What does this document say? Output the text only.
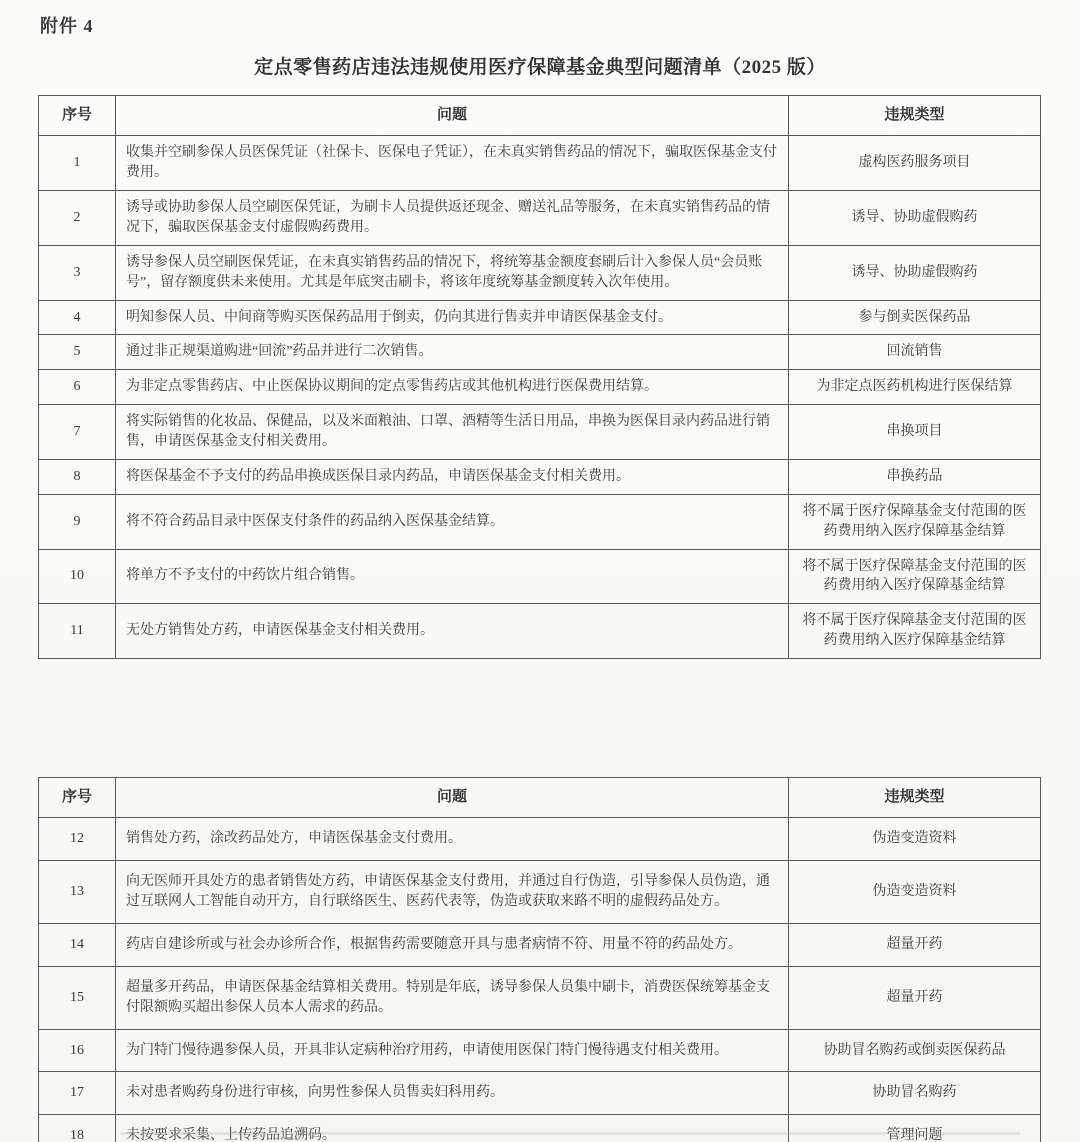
附件 4
定点零售药店违法违规使用医疗保障基金典型问题清单（2025 版）
序号	问题	违规类型
1	收集并空刷参保人员医保凭证（社保卡、医保电子凭证），在未真实销售药品的情况下，骗取医保基金支付费用。	虚构医药服务项目
2	诱导或协助参保人员空刷医保凭证，为刷卡人员提供返还现金、赠送礼品等服务，在未真实销售药品的情况下，骗取医保基金支付虚假购药费用。	诱导、协助虚假购药
3	诱导参保人员空刷医保凭证，在未真实销售药品的情况下，将统筹基金额度套刷后计入参保人员“会员账号”，留存额度供未来使用。尤其是年底突击刷卡，将该年度统筹基金额度转入次年使用。	诱导、协助虚假购药
4	明知参保人员、中间商等购买医保药品用于倒卖，仍向其进行售卖并申请医保基金支付。	参与倒卖医保药品
5	通过非正规渠道购进“回流”药品并进行二次销售。	回流销售
6	为非定点零售药店、中止医保协议期间的定点零售药店或其他机构进行医保费用结算。	为非定点医药机构进行医保结算
7	将实际销售的化妆品、保健品，以及米面粮油、口罩、酒精等生活日用品，串换为医保目录内药品进行销售，申请医保基金支付相关费用。	串换项目
8	将医保基金不予支付的药品串换成医保目录内药品，申请医保基金支付相关费用。	串换药品
9	将不符合药品目录中医保支付条件的药品纳入医保基金结算。	将不属于医疗保障基金支付范围的医药费用纳入医疗保障基金结算
10	将单方不予支付的中药饮片组合销售。	将不属于医疗保障基金支付范围的医药费用纳入医疗保障基金结算
11	无处方销售处方药，申请医保基金支付相关费用。	将不属于医疗保障基金支付范围的医药费用纳入医疗保障基金结算
序号	问题	违规类型
12	销售处方药，涂改药品处方，申请医保基金支付费用。	伪造变造资料
13	向无医师开具处方的患者销售处方药，申请医保基金支付费用，并通过自行伪造，引导参保人员伪造，通过互联网人工智能自动开方，自行联络医生、医药代表等，伪造或获取来路不明的虚假药品处方。	伪造变造资料
14	药店自建诊所或与社会办诊所合作，根据售药需要随意开具与患者病情不符、用量不符的药品处方。	超量开药
15	超量多开药品，申请医保基金结算相关费用。特别是年底，诱导参保人员集中刷卡，消费医保统筹基金支付限额购买超出参保人员本人需求的药品。	超量开药
16	为门特门慢待遇参保人员，开具非认定病种治疗用药，申请使用医保门特门慢待遇支付相关费用。	协助冒名购药或倒卖医保药品
17	未对患者购药身份进行审核，向男性参保人员售卖妇科用药。	协助冒名购药
18	未按要求采集、上传药品追溯码。	管理问题
